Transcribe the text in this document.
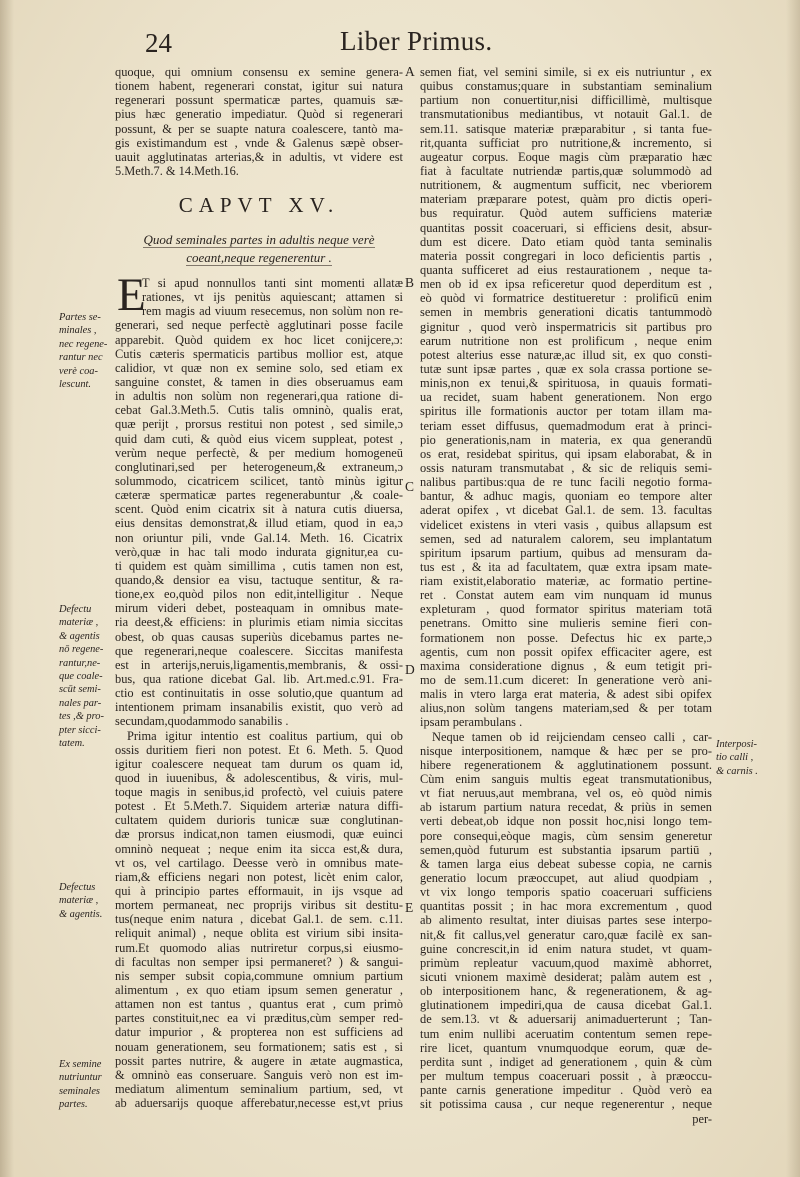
24	Liber Primus.
quoque, qui omnium consensu ex semine genera-
tionem habent, regenerari constat, igitur sui natura
regenerari possunt spermaticæ partes, quamuis sæ-
pius hæc generatio impediatur. Quòd si regenerari
possunt, & per se suapte natura coalescere, tantò ma-
gis existimandum est , vnde & Galenus sæpè obser-
uauit agglutinatas arterias,& in adultis, vt videre est
5.Meth.7. & 14.Meth.16.
CAPVT XV.
Quod seminales partes in adultis neque verè
coeant,neque regenerentur .
E
T si apud nonnullos tanti sint momenti allatæ
rationes, vt ijs penitùs aquiescant; attamen si
rem magis ad viuum resecemus, non solùm non re-
generari, sed neque perfectè agglutinari posse facile
apparebit. Quòd quidem ex hoc licet conijcere,ɔ:
Cutis cæteris spermaticis partibus mollior est, atque
calidior, vt quæ non ex semine solo, sed etiam ex
sanguine constet, & tamen in dies obseruamus eam
in adultis non solùm non regenerari,qua ratione di-
cebat Gal.3.Meth.5. Cutis talis omninò, qualis erat,
quæ perijt , prorsus restitui non potest , sed simile,ɔ
quid dam cuti, & quòd eius vicem suppleat, potest ,
verùm neque perfectè, & per medium homogeneū
conglutinari,sed per heterogeneum,& extraneum,ɔ
solummodo, cicatricem scilicet, tantò minùs igitur
cæteræ spermaticæ partes regenerabuntur ,& coale-
scent. Quòd enim cicatrix sit à natura cutis diuersa,
eius densitas demonstrat,& illud etiam, quod in ea,ɔ
non oriuntur pili, vnde Gal.14. Meth. 16. Cicatrix
verò,quæ in hac tali modo indurata gignitur,ea cu-
ti quidem est quàm simillima , cutis tamen non est,
quando,& densior ea visu, tactuque sentitur, & ra-
tione,ex eo,quòd pilos non edit,intelligitur . Neque
mirum videri debet, posteaquam in omnibus mate-
ria deest,& efficiens: in plurimis etiam nimia siccitas
obest, ob quas causas superiùs dicebamus partes ne-
que regenerari,neque coalescere. Siccitas manifesta
est in arterijs,neruis,ligamentis,membranis, & ossi-
bus, qua ratione dicebat Gal. lib. Art.med.c.91. Fra-
ctio est continuitatis in osse solutio,que quantum ad
intentionem primam insanabilis existit, quo verò ad
secundam,quodammodo sanabilis .
Prima igitur intentio est coalitus partium, qui ob
ossis duritiem fieri non potest. Et 6. Meth. 5. Quod
igitur coalescere nequeat tam durum os quam id,
quod in iuuenibus, & adolescentibus, & viris, mul-
toque magis in senibus,id profectò, vel cuiuis patere
potest . Et 5.Meth.7. Siquidem arteriæ natura diffi-
cultatem quidem durioris tunicæ suæ conglutinan-
dæ prorsus indicat,non tamen eiusmodi, quæ euinci
omninò nequeat ; neque enim ita sicca est,& dura,
vt os, vel cartilago. Deesse verò in omnibus mate-
riam,& efficiens negari non potest, licèt enim calor,
qui à principio partes efformauit, in ijs vsque ad
mortem permaneat, nec proprijs viribus sit destitu-
tus(neque enim natura , dicebat Gal.1. de sem. c.11.
reliquit animal) , neque oblita est virium sibi insita-
rum.Et quomodo alias nutriretur corpus,si eiusmo-
di facultas non semper ipsi permaneret? ) & sangui-
nis semper subsit copia,commune omnium partium
alimentum , ex quo etiam ipsum semen generatur ,
attamen non est tantus , quantus erat , cum primò
partes constituit,nec ea vi præditus,cùm semper red-
datur impurior , & propterea non est sufficiens ad
nouam generationem, seu formationem; satis est , si
possit partes nutrire, & augere in ætate augmastica,
& omninò eas conseruare. Sanguis verò non est im-
mediatum alimentum seminalium partium, sed, vt
ab aduersarijs quoque afferebatur,necesse est,vt prius
semen fiat, vel semini simile, si ex eis nutriuntur , ex
quibus constamus;quare in substantiam seminalium
partium non conuertitur,nisi difficillimè, multisque
transmutationibus mediantibus, vt notauit Gal.1. de
sem.11. satisque materiæ præparabitur , si tanta fue-
rit,quanta sufficiat pro nutritione,& incremento, si
augeatur corpus. Eoque magis cùm præparatio hæc
fiat à facultate nutriendæ partis,quæ solummodò ad
nutritionem, & augmentum sufficit, nec vberiorem
materiam præparare potest, quàm pro dictis operi-
bus requiratur. Quòd autem sufficiens materiæ
quantitas possit coaceruari, si efficiens desit, absur-
dum est dicere. Dato etiam quòd tanta seminalis
materia possit congregari in loco deficientis partis ,
quanta sufficeret ad eius restaurationem , neque ta-
men ob id ex ipsa reficeretur quod deperditum est ,
eò quòd vi formatrice destitueretur : prolificū enim
semen in membris generationi dicatis tantummodò
gignitur , quod verò inspermatricis sit partibus pro
earum nutritione non est prolificum , neque enim
potest alterius esse naturæ,ac illud sit, ex quo consti-
tutæ sunt ipsæ partes , quæ ex sola crassa portione se-
minis,non ex tenui,& spirituosa, in quauis formati-
ua recidet, suam habent generationem. Non ergo
spiritus ille formationis auctor per totam illam ma-
teriam esset diffusus, quemadmodum erat à princi-
pio generationis,nam in materia, ex qua generandū
os erat, residebat spiritus, qui ipsam elaborabat, & in
ossis naturam transmutabat , & sic de reliquis semi-
nalibus partibus:qua de re tunc facili negotio forma-
bantur, & adhuc magis, quoniam eo tempore alter
aderat opifex , vt dicebat Gal.1. de sem. 13. facultas
videlicet existens in vteri vasis , quibus allapsum est
semen, sed ad naturalem calorem, seu implantatum
spiritum ipsarum partium, quibus ad mensuram da-
tus est , & ita ad facultatem, quæ extra ipsam mate-
riam existit,elaboratio materiæ, ac formatio pertine-
ret . Constat autem eam vim nunquam id munus
expleturam , quod formator spiritus materiam totā
penetrans. Omitto sine mulieris semine fieri con-
formationem non posse. Defectus hic ex parte,ɔ
agentis, cum non possit opifex efficaciter agere, est
maxima consideratione dignus , & eum tetigit pri-
mo de sem.11.cum diceret: In generatione verò ani-
malis in vtero larga erat materia, & adest sibi opifex
alius,non solùm tangens materiam,sed & per totam
ipsam perambulans .
Neque tamen ob id reijciendam censeo calli , car-
nisque interpositionem, namque & hæc per se pro-
hibere regenerationem & agglutinationem possunt.
Cùm enim sanguis multis egeat transmutationibus,
vt fiat neruus,aut membrana, vel os, eò quòd nimis
ab istarum partium natura recedat, & priùs in semen
verti debeat,ob idque non possit hoc,nisi longo tem-
pore consequi,eòque magis, cùm sensim generetur
semen,quòd futurum est substantia ipsarum partiū ,
& tamen larga eius debeat subesse copia, ne carnis
generatio locum præoccupet, aut aliud quodpiam ,
vt vix longo temporis spatio coaceruari sufficiens
quantitas possit ; in hac mora excrementum , quod
ab alimento resultat, inter diuisas partes sese interpo-
nit,& fit callus,vel generatur caro,quæ facilè ex san-
guine concrescit,in id enim natura studet, vt quam-
primùm repleatur vacuum,quod maximè abhorret,
sicuti vnionem maximè desiderat; palàm autem est ,
ob interpositionem hanc, & regenerationem, & ag-
glutinationem impediri,qua de causa dicebat Gal.1.
de sem.13. vt & aduersarij animaduerterunt ; Tan-
tum enim nullibi aceruatim contentum semen repe-
rire licet, quantum vnumquodque eorum, quæ de-
perdita sunt , indiget ad generationem , quin & cùm
per multum tempus coaceruari possit , à præoccu-
pante carnis generatione impeditur . Quòd verò ea
sit potissima causa , cur neque regenerentur , neque
per-
A
B
C
D
E
Partes se-
minales ,
nec regene-
rantur nec
verè coa-
lescunt.
Defectu
materiæ ,
& agentis
nō regene-
rantur,ne-
que coale-
scūt semi-
nales par-
tes ,& pro-
pter sicci-
tatem.
Defectus
materiæ ,
& agentis.
Ex semine
nutriuntur
seminales
partes.
Interposi-
tio calli ,
& carnis .
